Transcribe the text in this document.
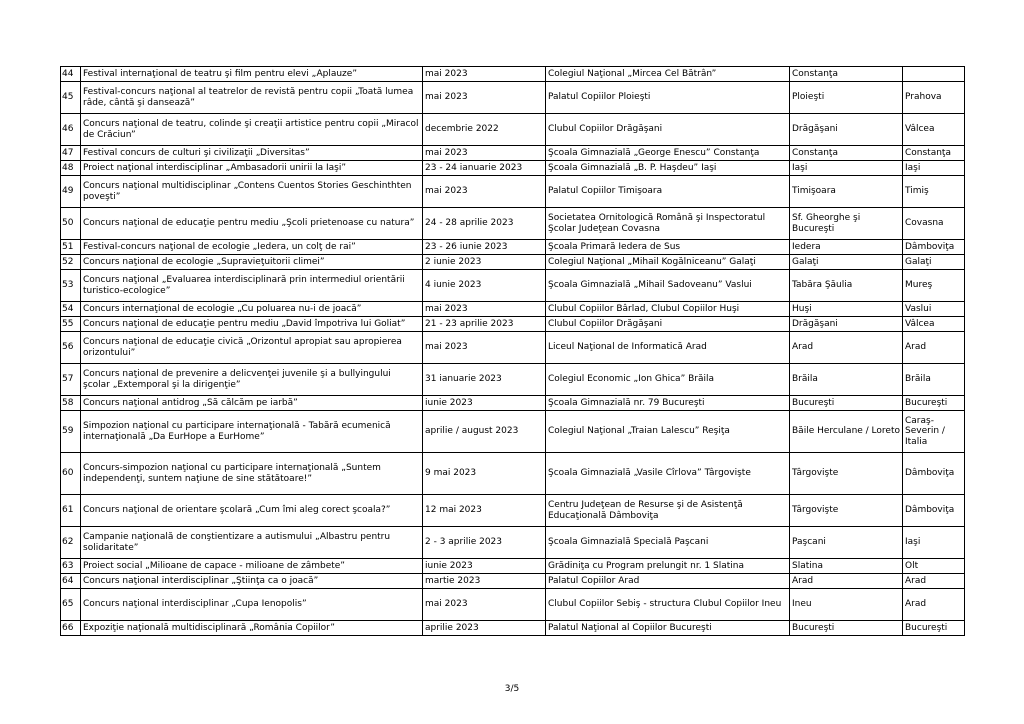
44	Festival internaţional de teatru şi film pentru elevi „Aplauze”	mai 2023	Colegiul Naţional „Mircea Cel Bătrân”	Constanţa	
45	Festival-concurs naţional al teatrelor de revistă pentru copii „Toată lumea râde, cântă şi dansează”	mai 2023	Palatul Copiilor Ploieşti	Ploieşti	Prahova
46	Concurs naţional de teatru, colinde şi creaţii artistice pentru copii „Miracol de Crăciun”	decembrie 2022	Clubul Copiilor Drăgăşani	Drăgăşani	Vâlcea
47	Festival concurs de culturi şi civilizaţii „Diversitas”	mai 2023	Şcoala Gimnazială „George Enescu” Constanţa	Constanţa	Constanţa
48	Proiect naţional interdisciplinar „Ambasadorii unirii la Iaşi”	23 - 24 ianuarie 2023	Şcoala Gimnazială „B. P. Haşdeu” Iaşi	Iaşi	Iaşi
49	Concurs naţional multidisciplinar „Contens Cuentos Stories Geschinthten poveşti”	mai 2023	Palatul Copiilor Timişoara	Timişoara	Timiş
50	Concurs naţional de educaţie pentru mediu „Şcoli prietenoase cu natura”	24 - 28 aprilie 2023	Societatea Ornitologică Română şi Inspectoratul Şcolar Judeţean Covasna	Sf. Gheorghe şi Bucureşti	Covasna
51	Festival-concurs naţional de ecologie „Iedera, un colţ de rai”	23 - 26 iunie 2023	Şcoala Primară Iedera de Sus	Iedera	Dâmboviţa
52	Concurs naţional de ecologie „Supravieţuitorii climei”	2 iunie 2023	Colegiul Naţional „Mihail Kogălniceanu” Galaţi	Galaţi	Galaţi
53	Concurs naţional „Evaluarea interdisciplinară prin intermediul orientării turistico-ecologice”	4 iunie 2023	Şcoala Gimnazială „Mihail Sadoveanu” Vaslui	Tabăra Şăulia	Mureş
54	Concurs internaţional de ecologie „Cu poluarea nu-i de joacă”	mai 2023	Clubul Copiilor Bârlad, Clubul Copiilor Huşi	Huşi	Vaslui
55	Concurs naţional de educaţie pentru mediu „David împotriva lui Goliat”	21 - 23 aprilie 2023	Clubul Copiilor Drăgăşani	Drăgăşani	Vâlcea
56	Concurs naţional de educaţie civică „Orizontul apropiat sau apropierea orizontului”	mai 2023	Liceul Naţional de Informatică Arad	Arad	Arad
57	Concurs naţional de prevenire a delicvenţei juvenile şi a bullyingului şcolar „Extemporal şi la dirigenţie”	31 ianuarie 2023	Colegiul Economic „Ion Ghica” Brăila	Brăila	Brăila
58	Concurs naţional antidrog „Să călcăm pe iarbă”	iunie 2023	Şcoala Gimnazială nr. 79 Bucureşti	Bucureşti	Bucureşti
59	Simpozion naţional cu participare internaţională - Tabără ecumenică internaţională „Da EurHope a EurHome”	aprilie / august 2023	Colegiul Naţional „Traian Lalescu” Reşiţa	Băile Herculane / Loreto	Caraş-Severin / Italia
60	Concurs-simpozion naţional cu participare internaţională „Suntem independenţi, suntem naţiune de sine stătătoare!”	9 mai 2023	Şcoala Gimnazială „Vasile Cîrlova” Târgovişte	Târgovişte	Dâmboviţa
61	Concurs naţional de orientare şcolară „Cum îmi aleg corect şcoala?”	12 mai 2023	Centru Judeţean de Resurse şi de Asistenţă Educaţională Dâmboviţa	Târgovişte	Dâmboviţa
62	Campanie naţională de conştientizare a autismului „Albastru pentru solidaritate”	2 - 3 aprilie 2023	Şcoala Gimnazială Specială Paşcani	Paşcani	Iaşi
63	Proiect social „Milioane de capace - milioane de zâmbete”	iunie 2023	Grădiniţa cu Program prelungit nr. 1 Slatina	Slatina	Olt
64	Concurs naţional interdisciplinar „Ştiinţa ca o joacă”	martie 2023	Palatul Copiilor Arad	Arad	Arad
65	Concurs naţional interdisciplinar „Cupa Ienopolis”	mai 2023	Clubul Copiilor Sebiş - structura Clubul Copiilor Ineu	Ineu	Arad
66	Expoziţie naţională multidisciplinară „România Copiilor”	aprilie 2023	Palatul Naţional al Copiilor Bucureşti	Bucureşti	Bucureşti
3/5
